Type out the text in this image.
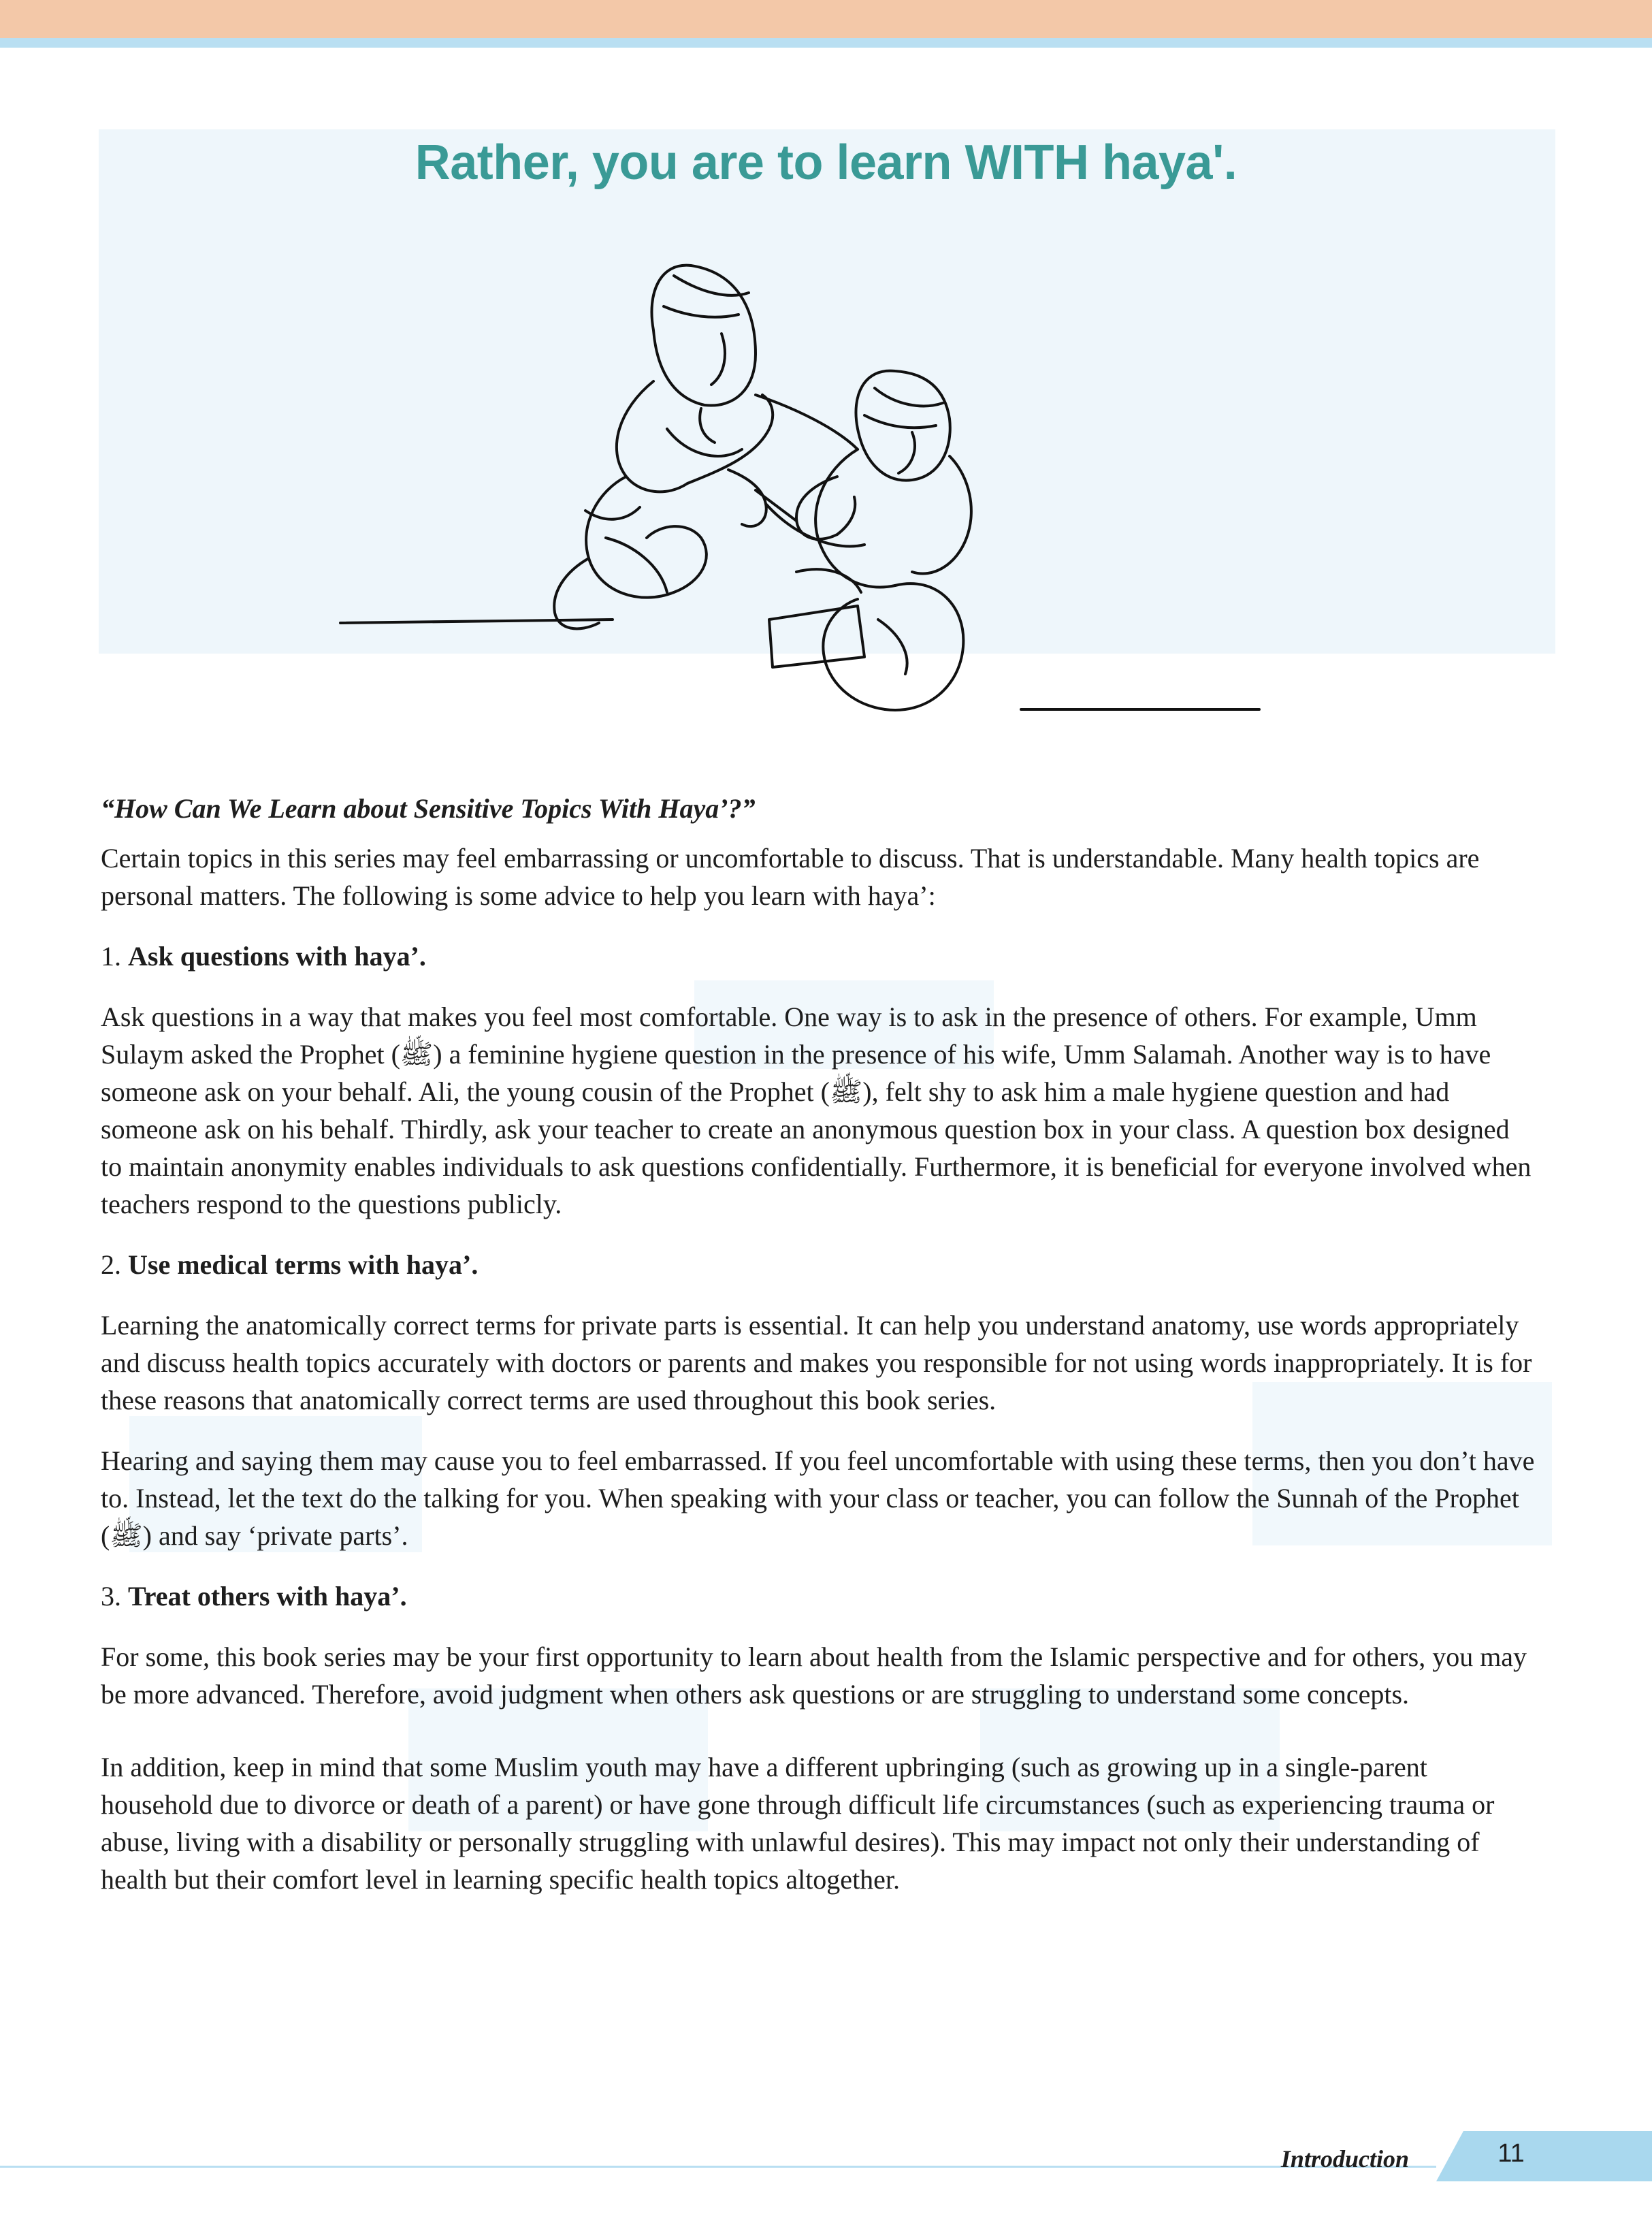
Rather, you are to learn WITH haya'.

“How Can We Learn about Sensitive Topics With Haya’?”

Certain topics in this series may feel embarrassing or uncomfortable to discuss. That is understandable. Many health topics are personal matters. The following is some advice to help you learn with haya’:

1. Ask questions with haya’.

Ask questions in a way that makes you feel most comfortable. One way is to ask in the presence of others. For example, Umm Sulaym asked the Prophet (ﷺ) a feminine hygiene question in the presence of his wife, Umm Salamah. Another way is to have someone ask on your behalf. Ali, the young cousin of the Prophet (ﷺ), felt shy to ask him a male hygiene question and had someone ask on his behalf. Thirdly, ask your teacher to create an anonymous question box in your class. A question box designed to maintain anonymity enables individuals to ask questions confidentially. Furthermore, it is beneficial for everyone involved when teachers respond to the questions publicly.

2. Use medical terms with haya’.

Learning the anatomically correct terms for private parts is essential. It can help you understand anatomy, use words appropriately and discuss health topics accurately with doctors or parents and makes you responsible for not using words inappropriately. It is for these reasons that anatomically correct terms are used throughout this book series.

Hearing and saying them may cause you to feel embarrassed. If you feel uncomfortable with using these terms, then you don’t have to. Instead, let the text do the talking for you. When speaking with your class or teacher, you can follow the Sunnah of the Prophet (ﷺ) and say ‘private parts’.

3. Treat others with haya’.

For some, this book series may be your first opportunity to learn about health from the Islamic perspective and for others, you may be more advanced. Therefore, avoid judgment when others ask questions or are struggling to understand some concepts.

In addition, keep in mind that some Muslim youth may have a different upbringing (such as growing up in a single-parent household due to divorce or death of a parent) or have gone through difficult life circumstances (such as experiencing trauma or abuse, living with a disability or personally struggling with unlawful desires). This may impact not only their understanding of health but their comfort level in learning specific health topics altogether.

Introduction	11
